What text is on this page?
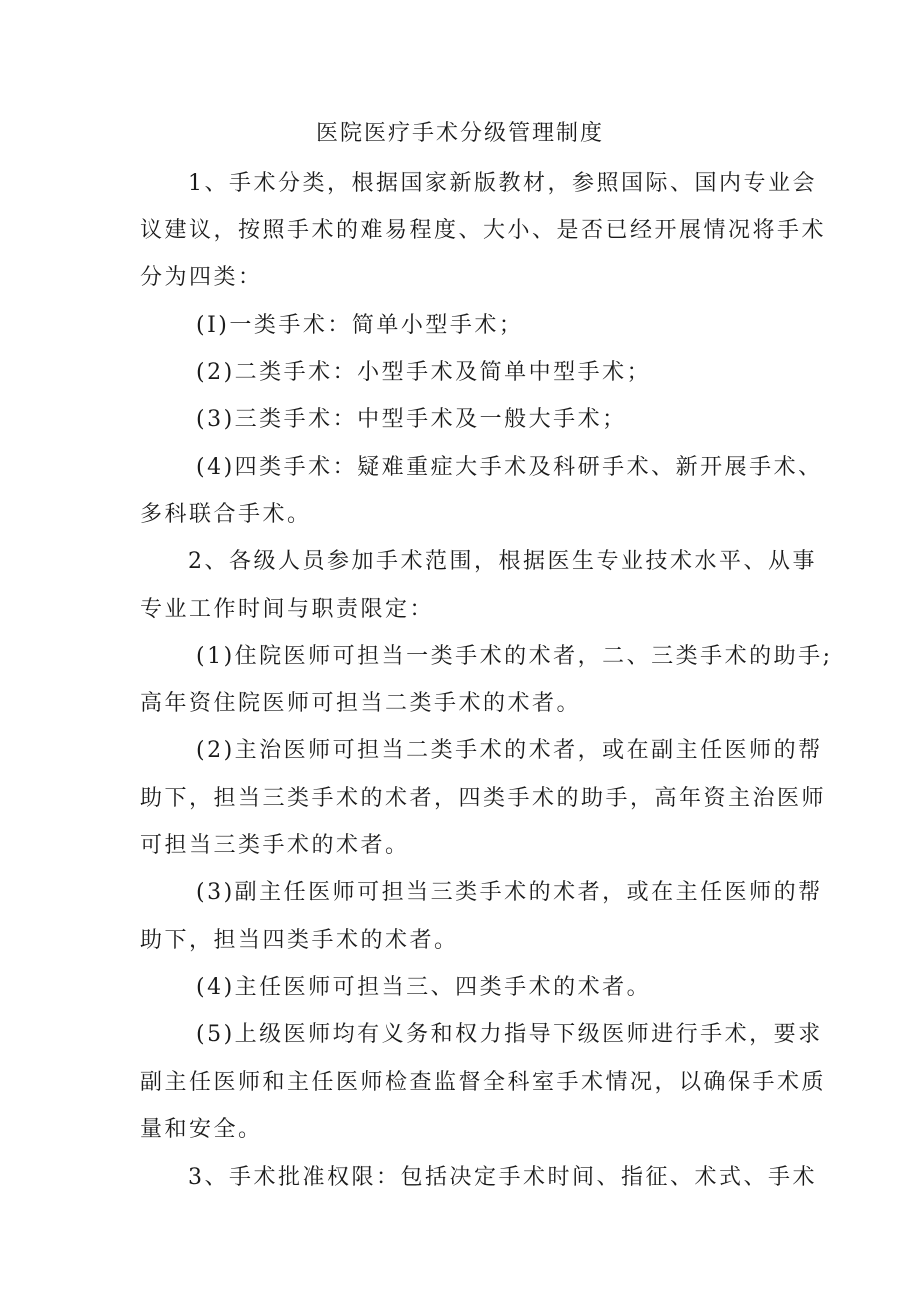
医院医疗手术分级管理制度
1、手术分类，根据国家新版教材，参照国际、国内专业会
议建议，按照手术的难易程度、大小、是否已经开展情况将手术
分为四类：
(I)一类手术：简单小型手术；
(2)二类手术：小型手术及简单中型手术；
(3)三类手术：中型手术及一般大手术；
(4)四类手术：疑难重症大手术及科研手术、新开展手术、
多科联合手术。
2、各级人员参加手术范围，根据医生专业技术水平、从事
专业工作时间与职责限定：
(1)住院医师可担当一类手术的术者，二、三类手术的助手;
高年资住院医师可担当二类手术的术者。
(2)主治医师可担当二类手术的术者，或在副主任医师的帮
助下，担当三类手术的术者，四类手术的助手，高年资主治医师
可担当三类手术的术者。
(3)副主任医师可担当三类手术的术者，或在主任医师的帮
助下，担当四类手术的术者。
(4)主任医师可担当三、四类手术的术者。
(5)上级医师均有义务和权力指导下级医师进行手术，要求
副主任医师和主任医师检查监督全科室手术情况，以确保手术质
量和安全。
3、手术批准权限：包括决定手术时间、指征、术式、手术
